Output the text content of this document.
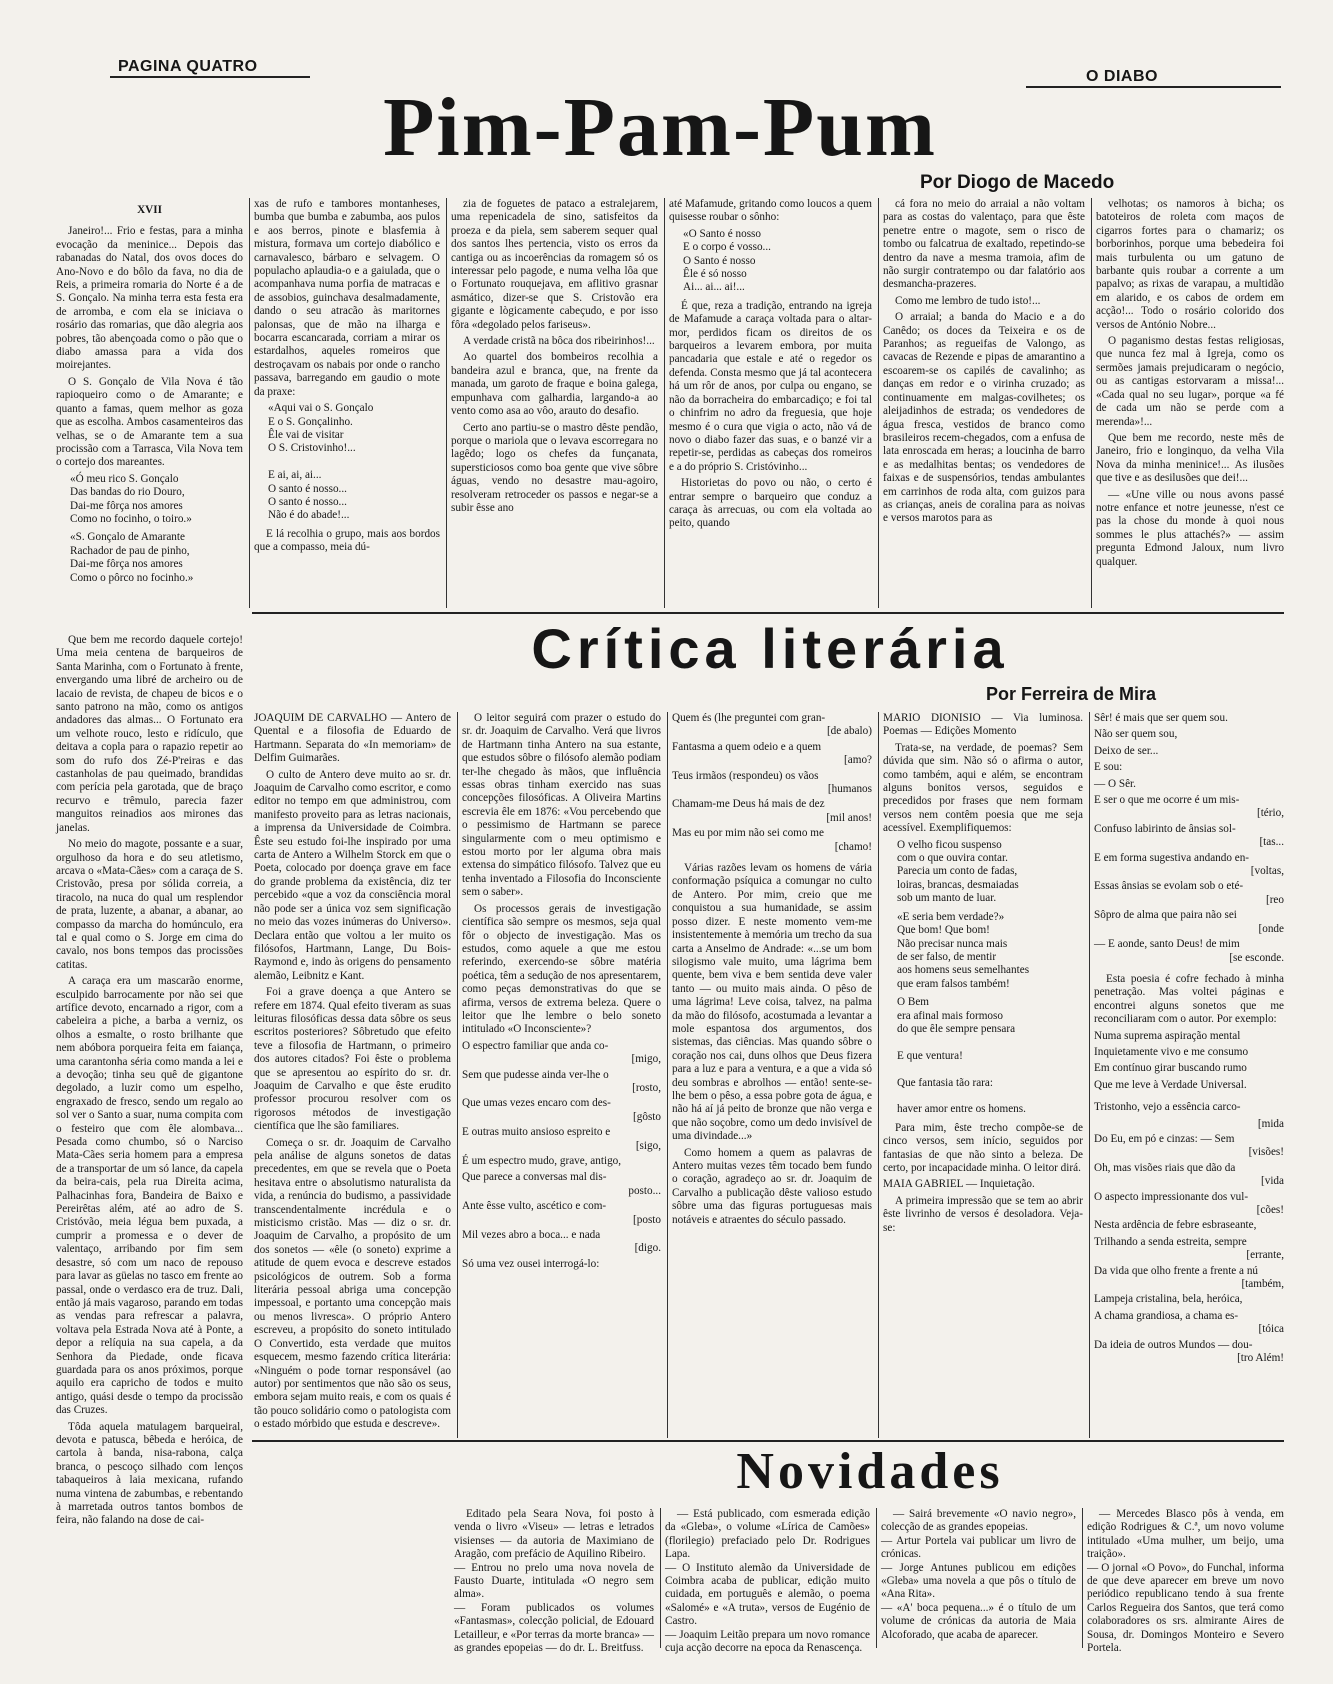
PAGINA QUATRO
O DIABO
Pim-Pam-Pum
Por Diogo de Macedo

XVII

Janeiro!... Frio e festas, para a minha evocação da meninice... Depois das rabanadas do Natal, dos ovos doces do Ano-Novo e do bôlo da fava, no dia de Reis, a primeira romaria do Norte é a de S. Gonçalo. Na minha terra esta festa era de arromba, e com ela se iniciava o rosário das romarias, que dão alegria aos pobres, tão abençoada como o pão que o diabo amassa para a vida dos moirejantes.

O S. Gonçalo de Vila Nova é tão rapioqueiro como o de Amarante; e quanto a famas, quem melhor as goza que as escolha. Ambos casamenteiros das velhas, se o de Amarante tem a sua procissão com a Tarrasca, Vila Nova tem o cortejo dos mareantes.

«Ó meu rico S. Gonçalo

Das bandas do rio Douro,

Dai-me fôrça nos amores

Como no focinho, o toiro.»

«S. Gonçalo de Amarante

Rachador de pau de pinho,

Dai-me fôrça nos amores

Como o pôrco no focinho.»

Que bem me recordo daquele cortejo! Uma meia centena de barqueiros de Santa Marinha, com o Fortunato à frente, envergando uma libré de archeiro ou de lacaio de revista, de chapeu de bicos e o santo patrono na mão, como os antigos andadores das almas... O Fortunato era um velhote rouco, lesto e ridículo, que deitava a copla para o rapazio repetir ao som do rufo dos Zé-P'reiras e das castanholas de pau queimado, brandidas com perícia pela garotada, que de braço recurvo e trêmulo, parecia fazer manguitos reinadios aos mirones das janelas.

No meio do magote, possante e a suar, orgulhoso da hora e do seu atletismo, arcava o «Mata-Cães» com a caraça de S. Cristovão, presa por sólida correia, a tiracolo, na nuca do qual um resplendor de prata, luzente, a abanar, a abanar, ao compasso da marcha do homúnculo, era tal e qual como o S. Jorge em cima do cavalo, nos bons tempos das procissões catitas.

A caraça era um mascarão enorme, esculpido barrocamente por não sei que artífice devoto, encarnado a rigor, com a cabeleira a piche, a barba a verniz, os olhos a esmalte, o rosto brilhante que nem abóbora porqueira feita em faiança, uma carantonha séria como manda a lei e a devoção; tinha seu quê de gigantone degolado, a luzir como um espelho, engraxado de fresco, sendo um regalo ao sol ver o Santo a suar, numa compita com o festeiro que com êle alombava... Pesada como chumbo, só o Narciso Mata-Cães seria homem para a empresa de a transportar de um só lance, da capela da beira-cais, pela rua Direita acima, Palhacinhas fora, Bandeira de Baixo e Pereirêtas além, até ao adro de S. Cristóvão, meia légua bem puxada, a cumprir a promessa e o dever de valentaço, arribando por fim sem desastre, só com um naco de repouso para lavar as güelas no tasco em frente ao passal, onde o verdasco era de truz. Dali, então já mais vagaroso, parando em todas as vendas para refrescar a palavra, voltava pela Estrada Nova até à Ponte, a depor a relíquia na sua capela, a da Senhora da Piedade, onde ficava guardada para os anos próximos, porque aquilo era capricho de todos e muito antigo, quási desde o tempo da procissão das Cruzes.

Tôda aquela matulagem barqueiral, devota e patusca, bêbeda e heróica, de cartola à banda, nisa-rabona, calça branca, o pescoço silhado com lenços tabaqueiros à laia mexicana, rufando numa vintena de zabumbas, e rebentando à marretada outros tantos bombos de feira, não falando na dose de cai-

xas de rufo e tambores montanheses, bumba que bumba e zabumba, aos pulos e aos berros, pinote e blasfemia à mistura, formava um cortejo diabólico e carnavalesco, bárbaro e selvagem. O populacho aplaudia-o e a gaiulada, que o acompanhava numa porfia de matracas e de assobios, guinchava desalmadamente, dando o seu atracão às maritornes palonsas, que de mão na ilharga e bocarra escancarada, corriam a mirar os estardalhos, aqueles romeiros que destroçavam os nabais por onde o rancho passava, barregando em gaudio o mote da praxe:

«Aqui vai o S. Gonçalo

E o S. Gonçalinho.

Êle vai de visitar

O S. Cristovinho!...

E ai, ai, ai...

O santo é nosso...

O santo é nosso...

Não é do abade!...

E lá recolhia o grupo, mais aos bordos que a compasso, meia dú-

zia de foguetes de pataco a estralejarem, uma repenicadela de sino, satisfeitos da proeza e da piela, sem saberem sequer qual dos santos lhes pertencia, visto os erros da cantiga ou as incoerências da romagem só os interessar pelo pagode, e numa velha lôa que o Fortunato rouquejava, em aflitivo grasnar asmático, dizer-se que S. Cristovão era gigante e lògicamente cabeçudo, e por isso fôra «degolado pelos fariseus».

A verdade cristã na bôca dos ribeirinhos!...

Ao quartel dos bombeiros recolhia a bandeira azul e branca, que, na frente da manada, um garoto de fraque e boina galega, empunhava com galhardia, largando-a ao vento como asa ao vôo, arauto do desafio.

Certo ano partiu-se o mastro dêste pendão, porque o mariola que o levava escorregara no lagêdo; logo os chefes da funçanata, supersticiosos como boa gente que vive sôbre águas, vendo no desastre mau-agoiro, resolveram retroceder os passos e negar-se a subir êsse ano

até Mafamude, gritando como loucos a quem quisesse roubar o sônho:

«O Santo é nosso

E o corpo é vosso...

O Santo é nosso

Êle é só nosso

Ai... ai... ai!...

É que, reza a tradição, entrando na igreja de Mafamude a caraça voltada para o altar-mor, perdidos ficam os direitos de os barqueiros a levarem embora, por muita pancadaria que estale e até o regedor os defenda. Consta mesmo que já tal acontecera há um rôr de anos, por culpa ou engano, se não da borracheira do embarcadiço; e foi tal o chinfrim no adro da freguesia, que hoje mesmo é o cura que vigia o acto, não vá de novo o diabo fazer das suas, e o banzé vir a repetir-se, perdidas as cabeças dos romeiros e a do próprio S. Cristóvinho...

Historietas do povo ou não, o certo é entrar sempre o barqueiro que conduz a caraça às arrecuas, ou com ela voltada ao peito, quando

cá fora no meio do arraial a não voltam para as costas do valentaço, para que êste penetre entre o magote, sem o risco de tombo ou falcatrua de exaltado, repetindo-se dentro da nave a mesma tramoia, afim de não surgir contratempo ou dar falatório aos desmancha-prazeres.

Como me lembro de tudo isto!...

O arraial; a banda do Macio e a do Canêdo; os doces da Teixeira e os de Paranhos; as regueifas de Valongo, as cavacas de Rezende e pipas de amarantino a escoarem-se os capilés de cavalinho; as danças em redor e o virinha cruzado; as continuamente em malgas-covilhetes; os aleijadinhos de estrada; os vendedores de água fresca, vestidos de branco como brasileiros recem-chegados, com a enfusa de lata enroscada em heras; a loucinha de barro e as medalhitas bentas; os vendedores de faixas e de suspensórios, tendas ambulantes em carrinhos de roda alta, com guizos para as crianças, aneis de coralina para as noivas e versos marotos para as

velhotas; os namoros à bicha; os batoteiros de roleta com maços de cigarros fortes para o chamariz; os borborinhos, porque uma bebedeira foi mais turbulenta ou um gatuno de barbante quis roubar a corrente a um papalvo; as rixas de varapau, a multidão em alarido, e os cabos de ordem em acção!... Todo o rosário colorido dos versos de António Nobre...

O paganismo destas festas religiosas, que nunca fez mal à Igreja, como os sermões jamais prejudicaram o negócio, ou as cantigas estorvaram a missa!... «Cada qual no seu lugar», porque «a fé de cada um não se perde com a merenda»!...

Que bem me recordo, neste mês de Janeiro, frio e longinquo, da velha Vila Nova da minha meninice!... As ilusões que tive e as desilusões que dei!...

— «Une ville ou nous avons passé notre enfance et notre jeunesse, n'est ce pas la chose du monde à quoi nous sommes le plus attachés?» — assim pregunta Edmond Jaloux, num livro qualquer.

Crítica literária
Por Ferreira de Mira

JOAQUIM DE CARVALHO — Antero de Quental e a filosofia de Eduardo de Hartmann. Separata do «In memoriam» de Delfim Guimarães.

O culto de Antero deve muito ao sr. dr. Joaquim de Carvalho como escritor, e como editor no tempo em que administrou, com manifesto proveito para as letras nacionais, a imprensa da Universidade de Coimbra. Êste seu estudo foi-lhe inspirado por uma carta de Antero a Wilhelm Storck em que o Poeta, colocado por doença grave em face do grande problema da existência, diz ter percebido «que a voz da consciência moral não pode ser a única voz sem significação no meio das vozes inúmeras do Universo». Declara então que voltou a ler muito os filósofos, Hartmann, Lange, Du Bois-Raymond e, indo às origens do pensamento alemão, Leibnitz e Kant.

Foi a grave doença a que Antero se refere em 1874. Qual efeito tiveram as suas leituras filosóficas dessa data sôbre os seus escritos posteriores? Sôbretudo que efeito teve a filosofia de Hartmann, o primeiro dos autores citados? Foi êste o problema que se apresentou ao espírito do sr. dr. Joaquim de Carvalho e que êste erudito professor procurou resolver com os rigorosos métodos de investigação científica que lhe são familiares.

Começa o sr. dr. Joaquim de Carvalho pela análise de alguns sonetos de datas precedentes, em que se revela que o Poeta hesitava entre o absolutismo naturalista da vida, a renúncia do budismo, a passividade transcendentalmente incrédula e o misticismo cristão. Mas — diz o sr. dr. Joaquim de Carvalho, a propósito de um dos sonetos — «êle (o soneto) exprime a atitude de quem evoca e descreve estados psicológicos de outrem. Sob a forma literária pessoal abriga uma concepção impessoal, e portanto uma concepção mais ou menos livresca». O próprio Antero escreveu, a propósito do soneto intitulado O Convertido, esta verdade que muitos esquecem, mesmo fazendo crítica literária: «Ninguém o pode tornar responsável (ao autor) por sentimentos que não são os seus, embora sejam muito reais, e com os quais é tão pouco solidário como o patologista com o estado mórbido que estuda e descreve».

O leitor seguirá com prazer o estudo do sr. dr. Joaquim de Carvalho. Verá que livros de Hartmann tinha Antero na sua estante, que estudos sôbre o filósofo alemão podiam ter-lhe chegado às mãos, que influência essas obras tinham exercido nas suas concepções filosóficas. A Oliveira Martins escrevia êle em 1876: «Vou percebendo que o pessimismo de Hartmann se parece singularmente com o meu optimismo e estou morto por ler alguma obra mais extensa do simpático filósofo. Talvez que eu tenha inventado a Filosofia do Inconsciente sem o saber».

Os processos gerais de investigação científica são sempre os mesmos, seja qual fôr o objecto de investigação. Mas os estudos, como aquele a que me estou referindo, exercendo-se sôbre matéria poética, têm a sedução de nos apresentarem, como peças demonstrativas do que se afirma, versos de extrema beleza. Quere o leitor que lhe lembre o belo soneto intitulado «O Inconsciente»?

O espectro familiar que anda co-

[migo,

Sem que pudesse ainda ver-lhe o

[rosto,

Que umas vezes encaro com des-

[gôsto

E outras muito ansioso espreito e

[sigo,

É um espectro mudo, grave, antigo,

Que parece a conversas mal dis-

posto...

Ante êsse vulto, ascético e com-

[posto

Mil vezes abro a boca... e nada

[digo.

Só uma vez ousei interrogá-lo:

Quem és (lhe preguntei com gran-

[de abalo)

Fantasma a quem odeio e a quem

[amo?

Teus irmãos (respondeu) os vãos

[humanos

Chamam-me Deus há mais de dez

[mil anos!

Mas eu por mim não sei como me

[chamo!

Várias razões levam os homens de vária conformação psíquica a comungar no culto de Antero. Por mim, creio que me conquistou a sua humanidade, se assim posso dizer. E neste momento vem-me insistentemente à memória um trecho da sua carta a Anselmo de Andrade: «...se um bom silogismo vale muito, uma lágrima bem quente, bem viva e bem sentida deve valer tanto — ou muito mais ainda. O pêso de uma lágrima! Leve coisa, talvez, na palma da mão do filósofo, acostumada a levantar a mole espantosa dos argumentos, dos sistemas, das ciências. Mas quando sôbre o coração nos cai, duns olhos que Deus fizera para a luz e para a ventura, e a que a vida só deu sombras e abrolhos — então! sente-se-lhe bem o pêso, a essa pobre gota de água, e não há aí já peito de bronze que não verga e que não soçobre, como um dedo invisível de uma divindade...»

Como homem a quem as palavras de Antero muitas vezes têm tocado bem fundo o coração, agradeço ao sr. dr. Joaquim de Carvalho a publicação dêste valioso estudo sôbre uma das figuras portuguesas mais notáveis e atraentes do século passado.

MARIO DIONISIO — Via luminosa. Poemas — Edições Momento

Trata-se, na verdade, de poemas? Sem dúvida que sim. Não só o afirma o autor, como também, aqui e além, se encontram alguns bonitos versos, seguidos e precedidos por frases que nem formam versos nem contêm poesia que me seja acessível. Exemplifiquemos:

O velho ficou suspenso

com o que ouvira contar.

Parecia um conto de fadas,

loiras, brancas, desmaiadas

sob um manto de luar.

«E seria bem verdade?»

Que bom! Que bom!

Não precisar nunca mais

de ser falso, de mentir

aos homens seus semelhantes

que eram falsos também!

O Bem

era afinal mais formoso

do que êle sempre pensara

E que ventura!

Que fantasia tão rara:

haver amor entre os homens.

Para mim, êste trecho compõe-se de cinco versos, sem início, seguidos por fantasias de que não sinto a beleza. De certo, por incapacidade minha. O leitor dirá.

MAIA GABRIEL — Inquietação.

A primeira impressão que se tem ao abrir êste livrinho de versos é desoladora. Veja-se:

Sêr! é mais que ser quem sou.

Não ser quem sou,

Deixo de ser...

E sou:

— O Sêr.

E ser o que me ocorre é um mis-

[tério,

Confuso labirinto de ânsias sol-

[tas...

E em forma sugestiva andando en-

[voltas,

Essas ânsias se evolam sob o eté-

[reo

Sôpro de alma que paira não sei

[onde

— E aonde, santo Deus! de mim

[se esconde.

Esta poesia é cofre fechado à minha penetração. Mas voltei páginas e encontrei alguns sonetos que me reconciliaram com o autor. Por exemplo:

Numa suprema aspiração mental

Inquietamente vivo e me consumo

Em contínuo girar buscando rumo

Que me leve à Verdade Universal.

Tristonho, vejo a essência carco-

[mida

Do Eu, em pó e cinzas: — Sem

[visões!

Oh, mas visões riais que dão da

[vida

O aspecto impressionante dos vul-

[cões!

Nesta ardência de febre esbraseante,

Trilhando a senda estreita, sempre

[errante,

Da vida que olho frente a frente a nú

[também,

Lampeja cristalina, bela, heróica,

A chama grandiosa, a chama es-

[tóica

Da ideia de outros Mundos — dou-

[tro Além!

Novidades

Editado pela Seara Nova, foi posto à venda o livro «Viseu» — letras e letrados visienses — da autoria de Maximiano de Aragão, com prefácio de Aquilino Ribeiro.
— Entrou no prelo uma nova novela de Fausto Duarte, intitulada «O negro sem alma».
— Foram publicados os volumes «Fantasmas», colecção policial, de Edouard Letailleur, e «Por terras da morte branca» — as grandes epopeias — do dr. L. Breitfuss.

— Está publicado, com esmerada edição da «Gleba», o volume «Lírica de Camões» (florilegio) prefaciado pelo Dr. Rodrigues Lapa.
— O Instituto alemão da Universidade de Coimbra acaba de publicar, edição muito cuidada, em português e alemão, o poema «Salomé» e «A truta», versos de Eugénio de Castro.
— Joaquim Leitão prepara um novo romance cuja acção decorre na epoca da Renascença.

— Sairá brevemente «O navio negro», colecção de as grandes epopeias.
— Artur Portela vai publicar um livro de crónicas.
— Jorge Antunes publicou em edições «Gleba» uma novela a que pôs o título de «Ana Rita».
— «A' boca pequena...» é o título de um volume de crónicas da autoria de Maia Alcoforado, que acaba de aparecer.

— Mercedes Blasco pôs à venda, em edição Rodrigues & C.ª, um novo volume intitulado «Uma mulher, um beijo, uma traição».
— O jornal «O Povo», do Funchal, informa de que deve aparecer em breve um novo periódico republicano tendo à sua frente Carlos Regueira dos Santos, que terá como colaboradores os srs. almirante Aires de Sousa, dr. Domingos Monteiro e Severo Portela.
